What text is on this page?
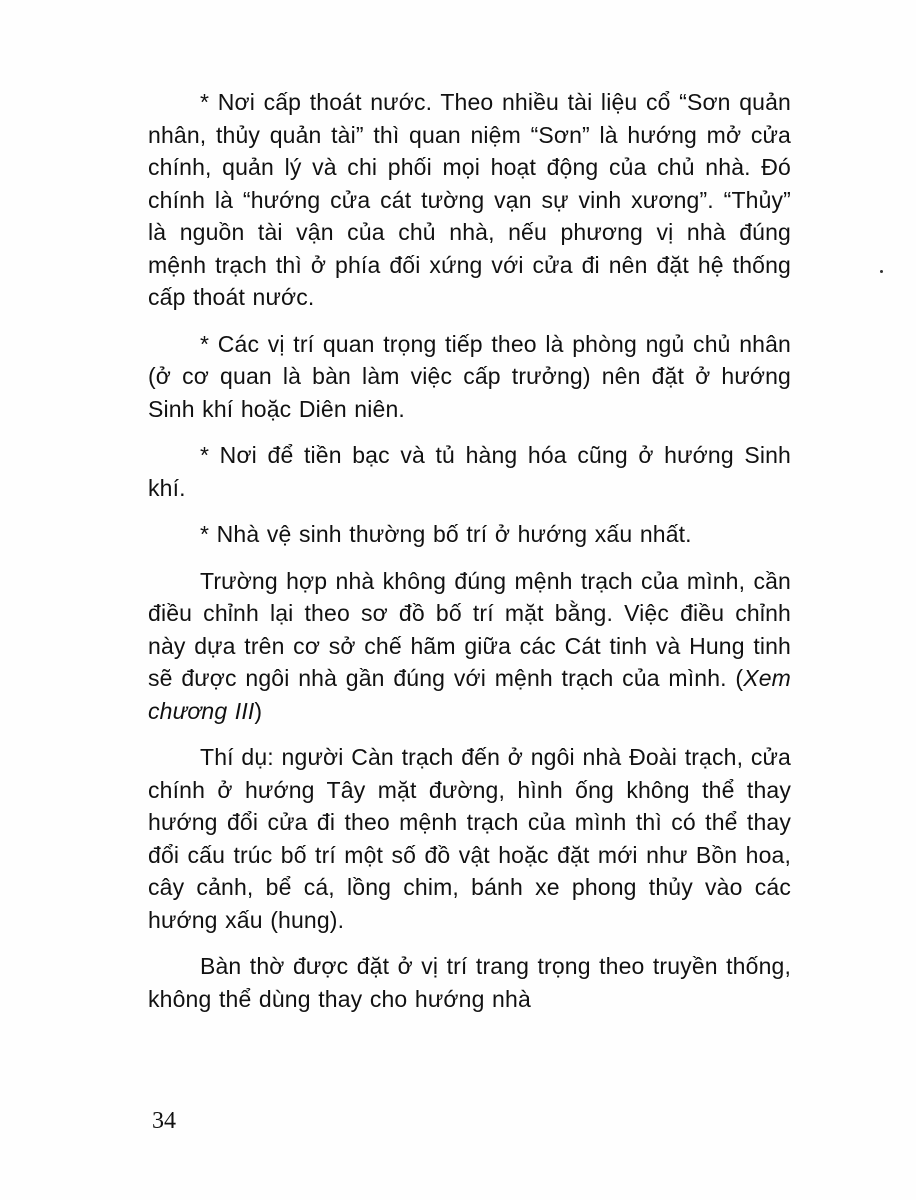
* Nơi cấp thoát nước. Theo nhiều tài liệu cổ “Sơn quản nhân, thủy quản tài” thì quan niệm “Sơn” là hướng mở cửa chính, quản lý và chi phối mọi hoạt động của chủ nhà. Đó chính là “hướng cửa cát tường vạn sự vinh xương”. “Thủy” là nguồn tài vận của chủ nhà, nếu phương vị nhà đúng mệnh trạch thì ở phía đối xứng với cửa đi nên đặt hệ thống cấp thoát nước.

* Các vị trí quan trọng tiếp theo là phòng ngủ chủ nhân (ở cơ quan là bàn làm việc cấp trưởng) nên đặt ở hướng Sinh khí hoặc Diên niên.

* Nơi để tiền bạc và tủ hàng hóa cũng ở hướng Sinh khí.

* Nhà vệ sinh thường bố trí ở hướng xấu nhất.

Trường hợp nhà không đúng mệnh trạch của mình, cần điều chỉnh lại theo sơ đồ bố trí mặt bằng. Việc điều chỉnh này dựa trên cơ sở chế hãm giữa các Cát tinh và Hung tinh sẽ được ngôi nhà gần đúng với mệnh trạch của mình. (Xem chương III)

Thí dụ: người Càn trạch đến ở ngôi nhà Đoài trạch, cửa chính ở hướng Tây mặt đường, hình ống không thể thay hướng đổi cửa đi theo mệnh trạch của mình thì có thể thay đổi cấu trúc bố trí một số đồ vật hoặc đặt mới như Bồn hoa, cây cảnh, bể cá, lồng chim, bánh xe phong thủy vào các hướng xấu (hung).

Bàn thờ được đặt ở vị trí trang trọng theo truyền thống, không thể dùng thay cho hướng nhà

34
